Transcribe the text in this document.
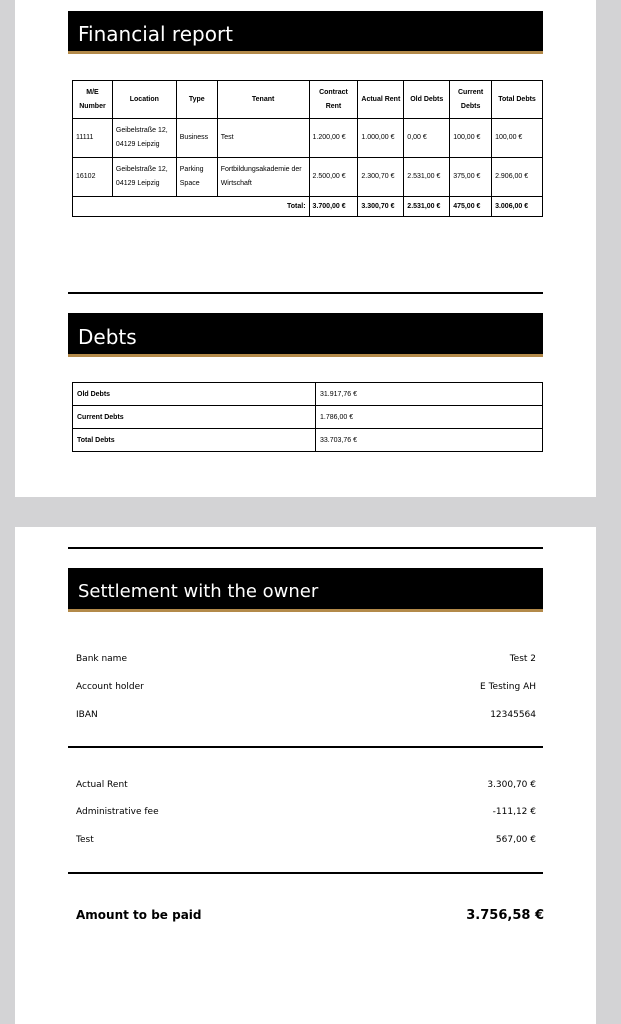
Financial report
M/E Number	Location	Type	Tenant	Contract Rent	Actual Rent	Old Debts	Current Debts	Total Debts
11111	Geibelstraße 12, 04129 Leipzig	Business	Test	1.200,00 €	1.000,00 €	0,00 €	100,00 €	100,00 €
16102	Geibelstraße 12, 04129 Leipzig	Parking Space	Fortbildungsakademie der Wirtschaft	2.500,00 €	2.300,70 €	2.531,00 €	375,00 €	2.906,00 €
Total:				3.700,00 €	3.300,70 €	2.531,00 €	475,00 €	3.006,00 €
Debts
Old Debts	31.917,76 €
Current Debts	1.786,00 €
Total Debts	33.703,76 €
Settlement with the owner
Bank name	Test 2
Account holder	E Testing AH
IBAN	12345564
Actual Rent	3.300,70 €
Administrative fee	-111,12 €
Test	567,00 €
Amount to be paid	3.756,58 €
